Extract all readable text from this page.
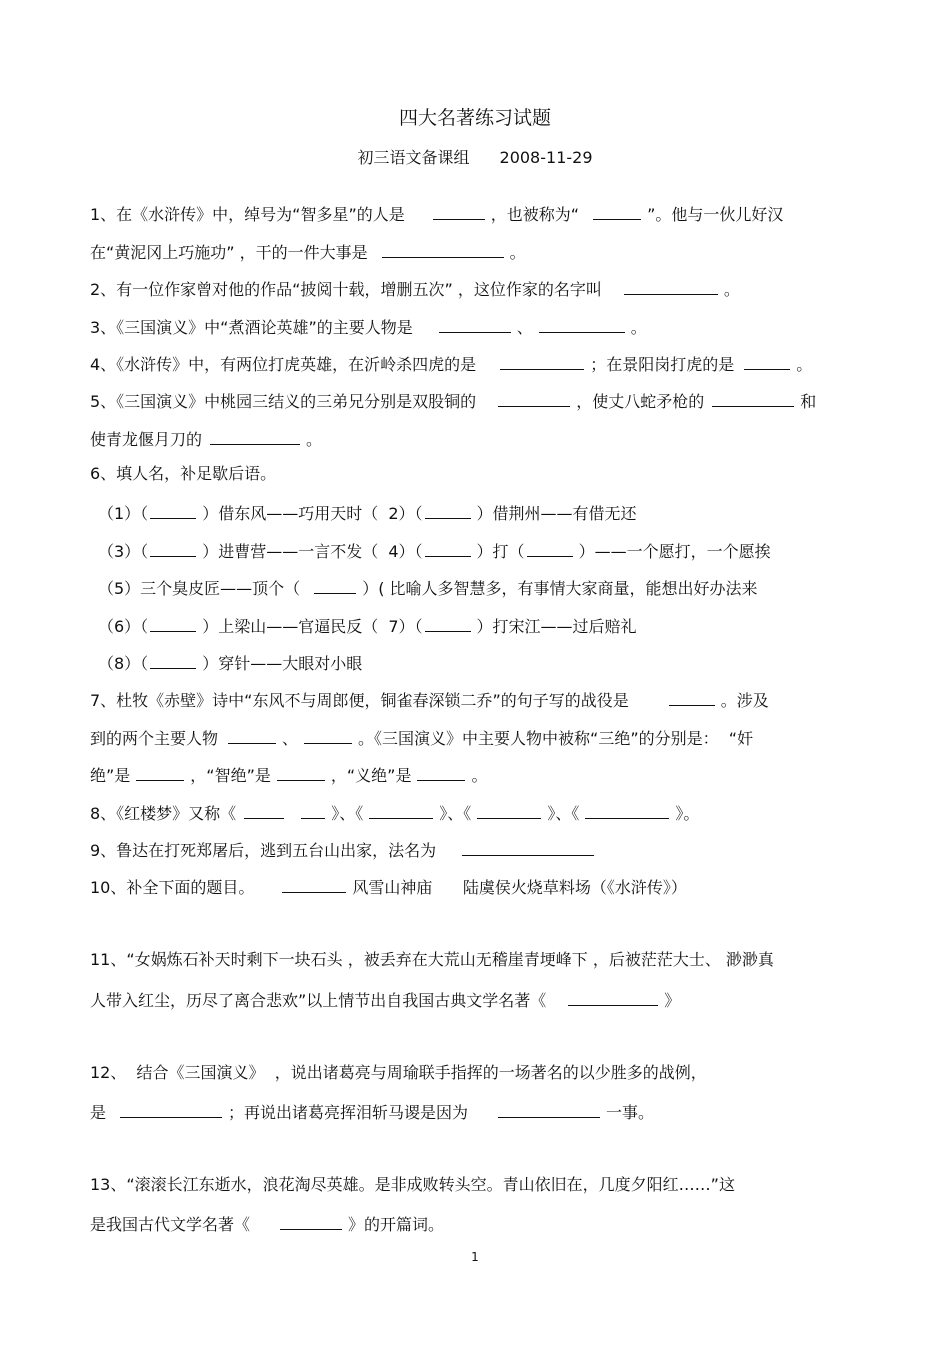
四大名著练习试题
初三语文备课组 2008-11-29
1、在《水浒传》中，绰号为“智多星”的人是	，也被称为“	”。他与一伙儿好汉
在“黄泥冈上巧施功” ，干的一件大事是	。
2、有一位作家曾对他的作品“披阅十载，增删五次” ，这位作家的名字叫	。
3、《三国演义》中“煮酒论英雄”的主要人物是	、	。
4、《水浒传》中，有两位打虎英雄，在沂岭杀四虎的是	；在景阳岗打虎的是	。
5、《三国演义》中桃园三结义的三弟兄分别是双股铜的	，使丈八蛇矛枪的	和
使青龙偃月刀的	。
6、填人名，补足歇后语。
（1）（	）借东风——巧用天时（  2）（	）借荆州——有借无还
（3）（	）进曹营——一言不发（  4）（	）打（	）——一个愿打，一个愿挨
（5）三个臭皮匠——顶个（	）( 比喻人多智慧多，有事情大家商量，能想出好办法来
（6）（	）上梁山——官逼民反（  7）（	）打宋江——过后赔礼
（8）（	）穿针——大眼对小眼
7、杜牧《赤壁》诗中“东风不与周郎便，铜雀春深锁二乔”的句子写的战役是	。涉及
到的两个主要人物	、	。《三国演义》中主要人物中被称“三绝”的分别是：  “奸
绝”是	，“智绝”是	，“义绝”是	。
8、《红楼梦》又称《	》、《	》、《	》、《	》。
9、鲁达在打死郑屠后，逃到五台山出家，法名为
10、补全下面的题目。	风雪山神庙      陆虞侯火烧草料场（《水浒传》）
11、“女娲炼石补天时剩下一块石头 ，被丢弃在大荒山无稽崖青埂峰下 ，后被茫茫大士、 渺渺真
人带入红尘，历尽了离合悲欢”以上情节出自我国古典文学名著《	》
12、  结合《三国演义》  ，说出诸葛亮与周瑜联手指挥的一场著名的以少胜多的战例，
是	；再说出诸葛亮挥泪斩马谡是因为	一事。
13、“滚滚长江东逝水，浪花淘尽英雄。是非成败转头空。青山依旧在，几度夕阳红……”这
是我国古代文学名著《	》的开篇词。
1
